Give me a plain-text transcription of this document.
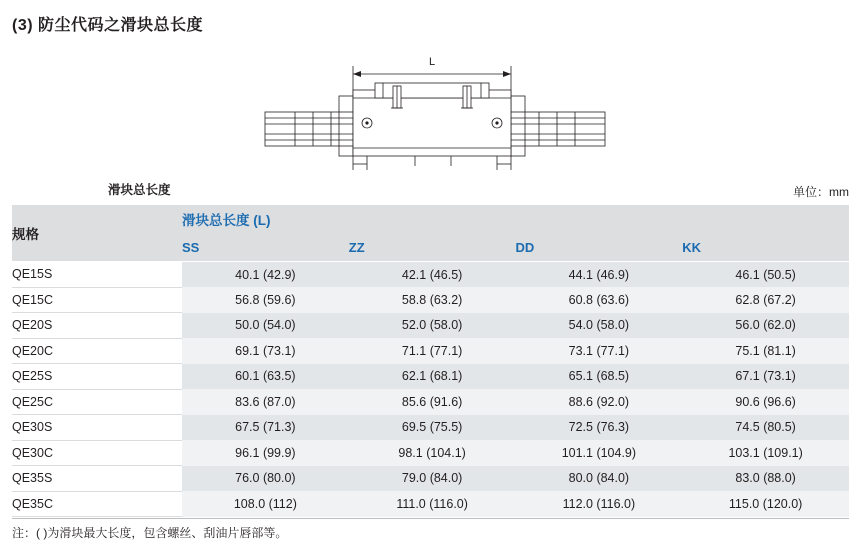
(3) 防尘代码之滑块总长度
L
滑块总长度	单位：mm
规格	滑块总长度 (L)			
	SS	ZZ	DD	KK
QE15S	40.1 (42.9)	42.1 (46.5)	44.1 (46.9)	46.1 (50.5)
QE15C	56.8 (59.6)	58.8 (63.2)	60.8 (63.6)	62.8 (67.2)
QE20S	50.0 (54.0)	52.0 (58.0)	54.0 (58.0)	56.0 (62.0)
QE20C	69.1 (73.1)	71.1 (77.1)	73.1 (77.1)	75.1 (81.1)
QE25S	60.1 (63.5)	62.1 (68.1)	65.1 (68.5)	67.1 (73.1)
QE25C	83.6 (87.0)	85.6 (91.6)	88.6 (92.0)	90.6 (96.6)
QE30S	67.5 (71.3)	69.5 (75.5)	72.5 (76.3)	74.5 (80.5)
QE30C	96.1 (99.9)	98.1 (104.1)	101.1 (104.9)	103.1 (109.1)
QE35S	76.0 (80.0)	79.0 (84.0)	80.0 (84.0)	83.0 (88.0)
QE35C	108.0 (112)	111.0 (116.0)	112.0 (116.0)	115.0 (120.0)
注：( )为滑块最大长度，包含螺丝、刮油片唇部等。
